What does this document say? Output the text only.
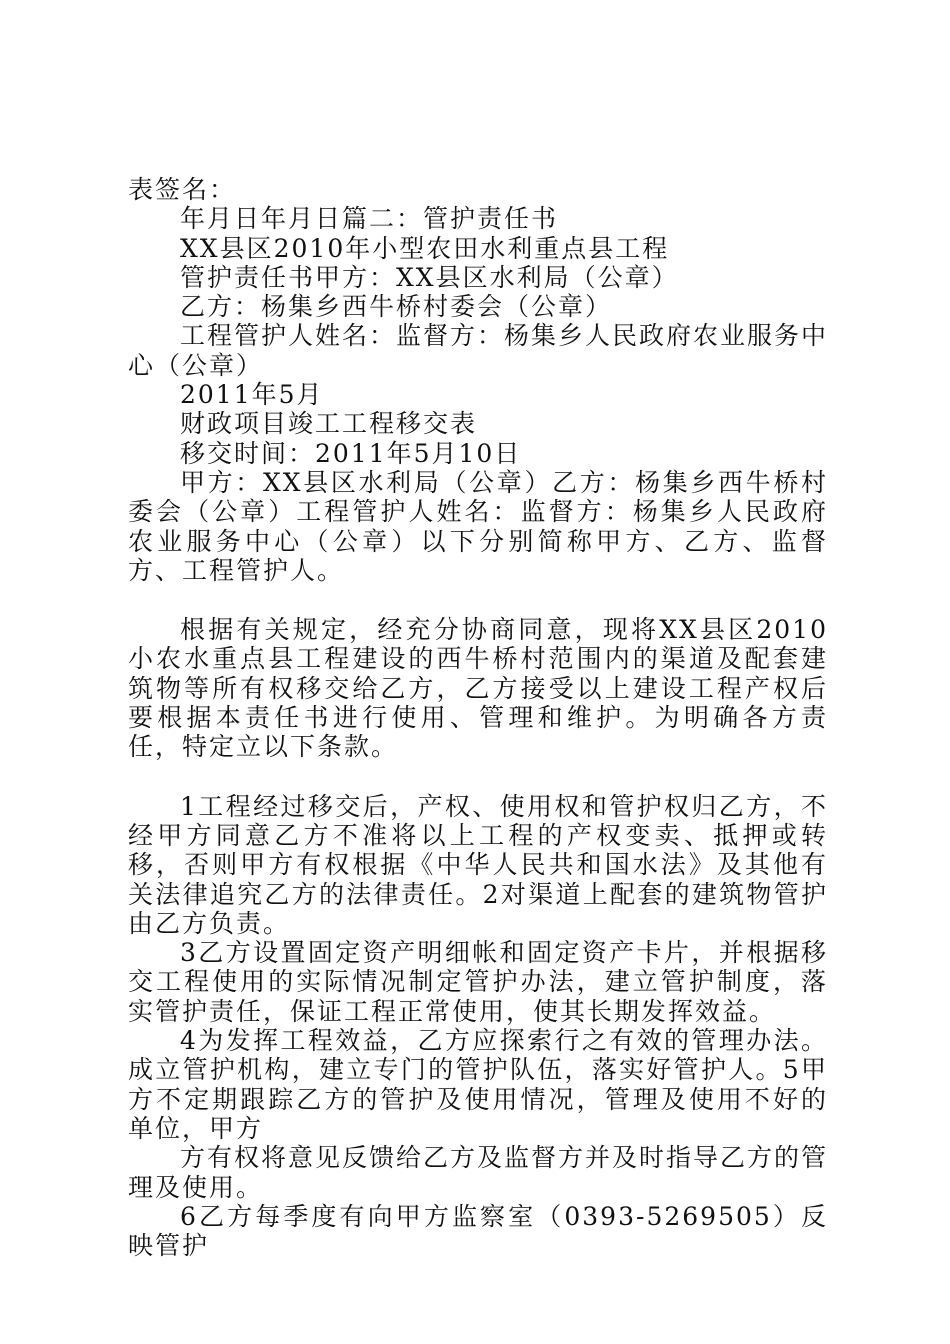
表签名：

年月日年月日篇二：管护责任书

XX县区2010年小型农田水利重点县工程

管护责任书甲方：XX县区水利局（公章）

乙方：杨集乡西牛桥村委会（公章）

工程管护人姓名：监督方：杨集乡人民政府农业服务中心（公章）

2011年5月

财政项目竣工工程移交表

移交时间：2011年5月10日

甲方：XX县区水利局（公章）乙方：杨集乡西牛桥村委会（公章）工程管护人姓名：监督方：杨集乡人民政府农业服务中心（公章）以下分别简称甲方、乙方、监督方、工程管护人。

根据有关规定，经充分协商同意，现将XX县区2010小农水重点县工程建设的西牛桥村范围内的渠道及配套建筑物等所有权移交给乙方，乙方接受以上建设工程产权后要根据本责任书进行使用、管理和维护。为明确各方责任，特定立以下条款。

1工程经过移交后，产权、使用权和管护权归乙方，不经甲方同意乙方不准将以上工程的产权变卖、抵押或转移，否则甲方有权根据《中华人民共和国水法》及其他有关法律追究乙方的法律责任。2对渠道上配套的建筑物管护由乙方负责。

3乙方设置固定资产明细帐和固定资产卡片，并根据移交工程使用的实际情况制定管护办法，建立管护制度，落实管护责任，保证工程正常使用，使其长期发挥效益。

4为发挥工程效益，乙方应探索行之有效的管理办法。成立管护机构，建立专门的管护队伍，落实好管护人。5甲方不定期跟踪乙方的管护及使用情况，管理及使用不好的单位，甲方

方有权将意见反馈给乙方及监督方并及时指导乙方的管理及使用。

6乙方每季度有向甲方监察室（0393-5269505）反映管护
